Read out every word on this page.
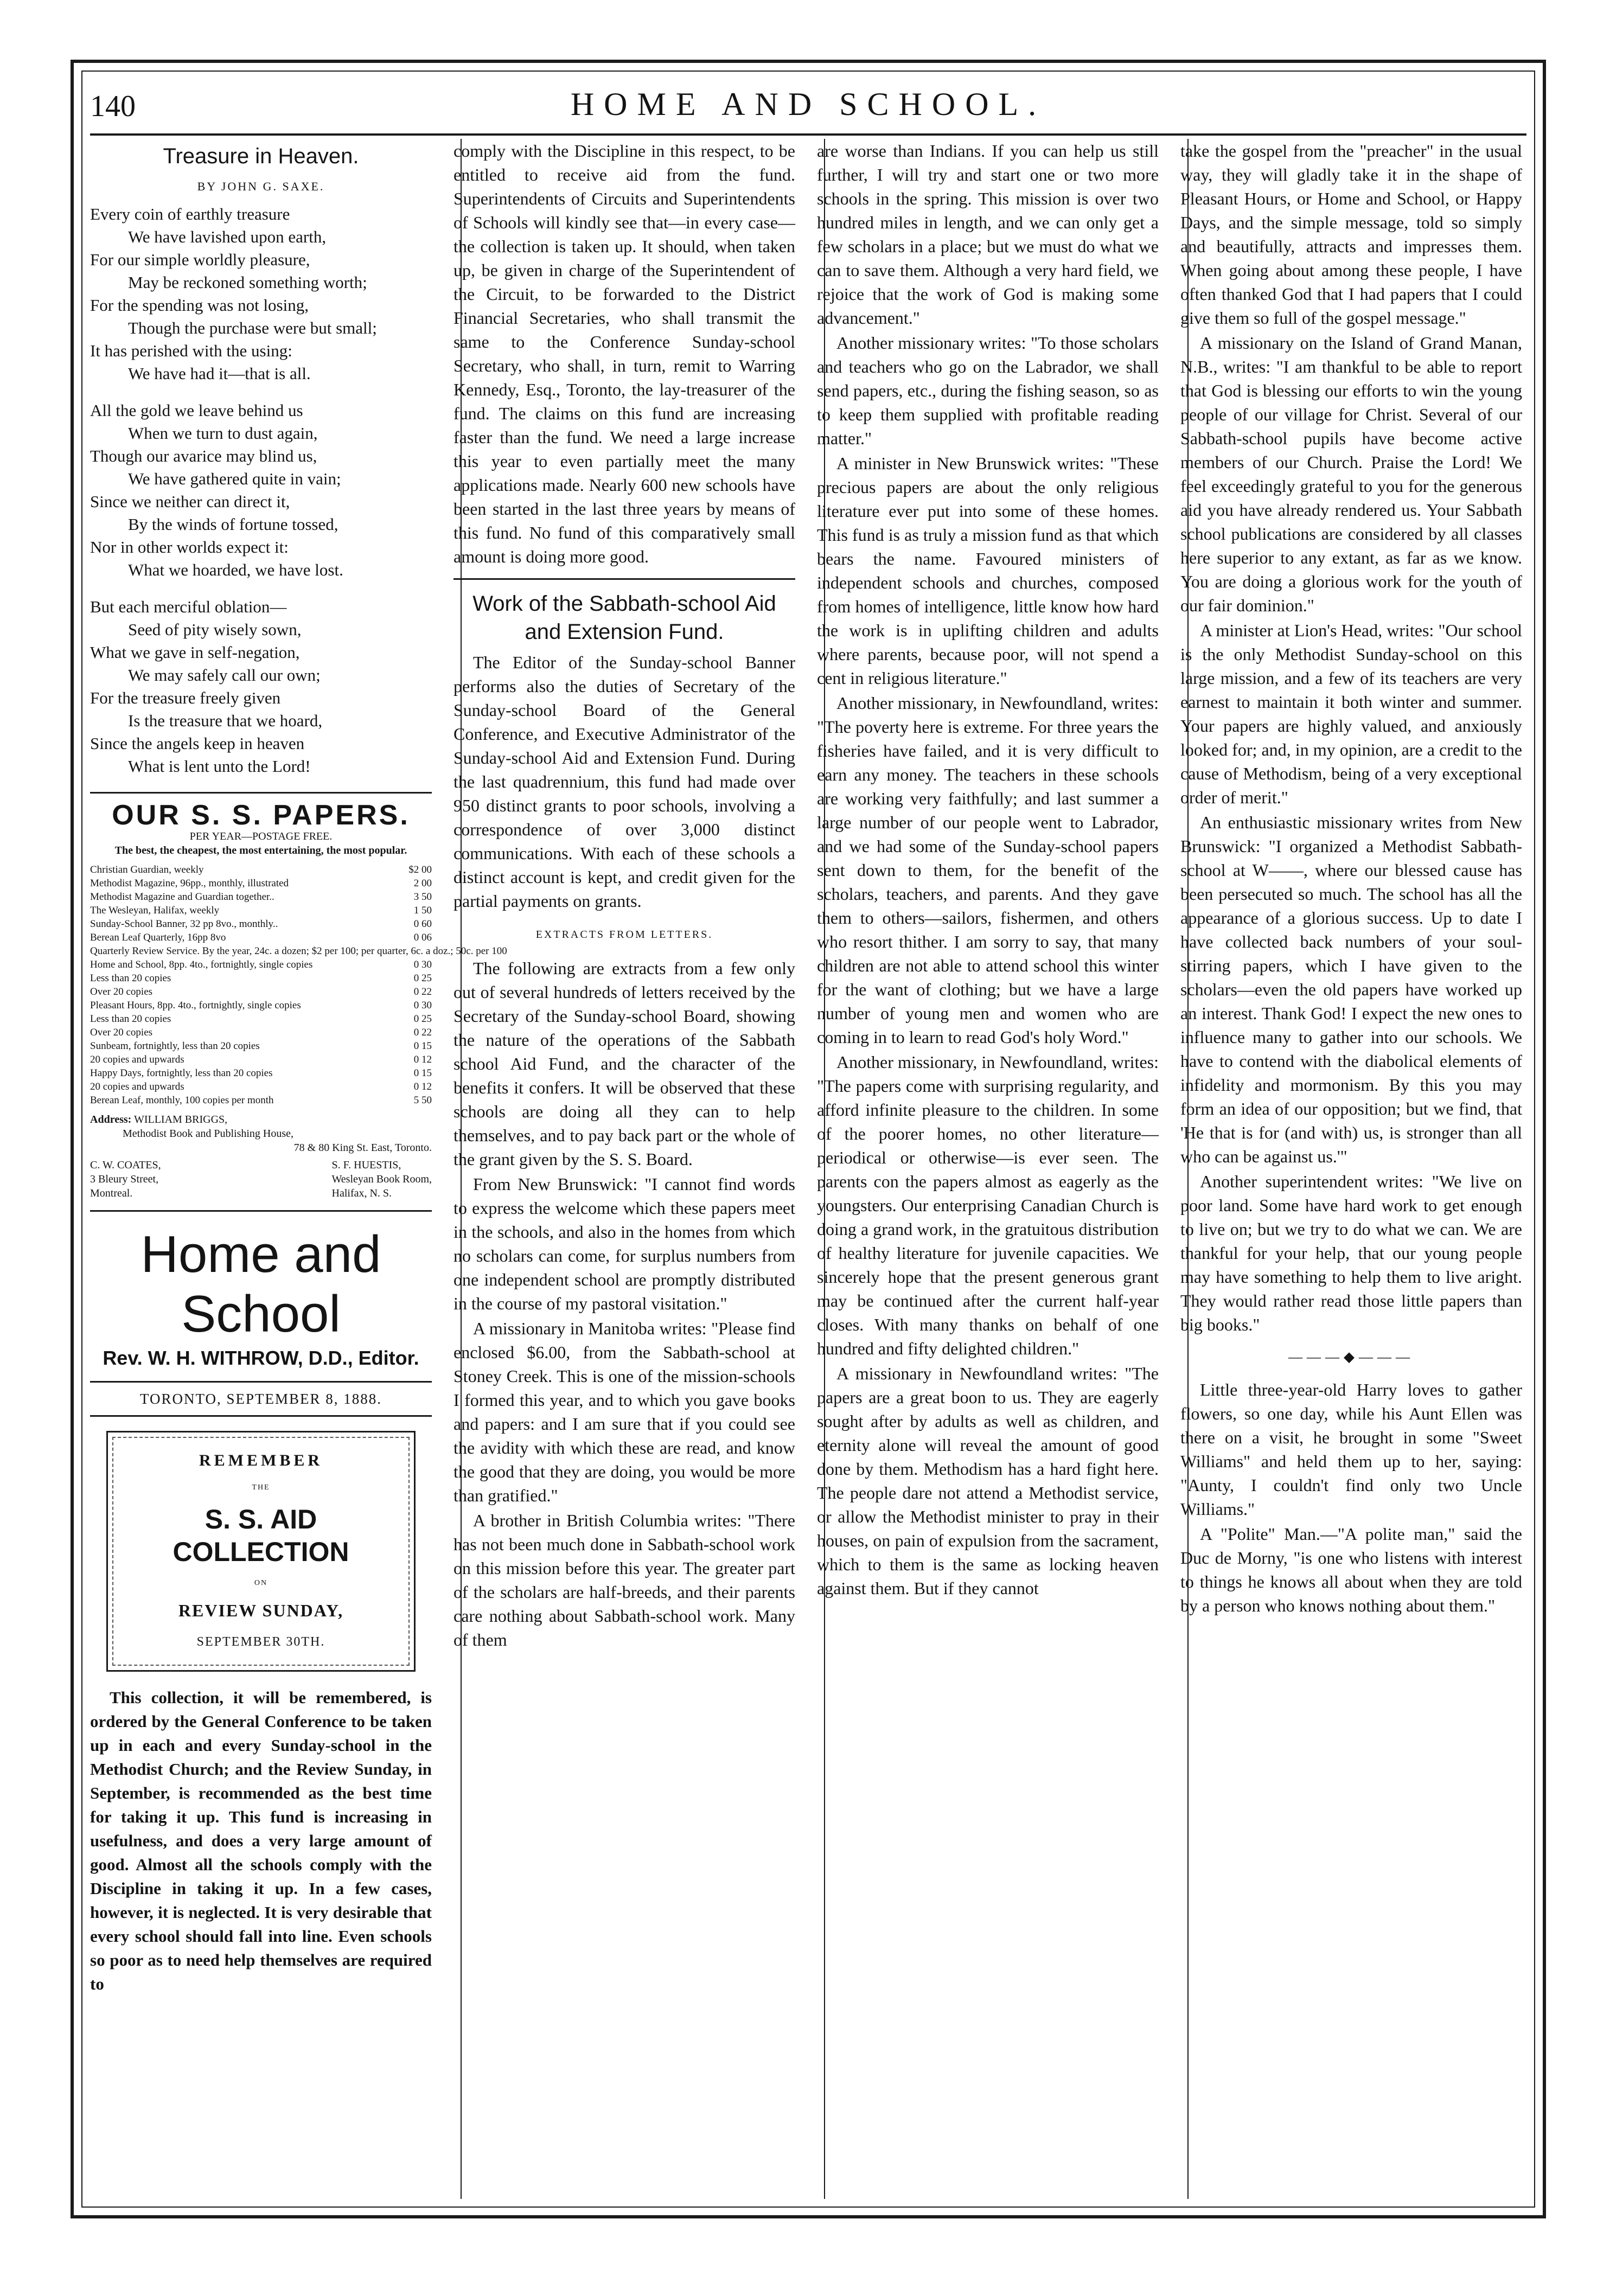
140	HOME AND SCHOOL.
Treasure in Heaven.
BY JOHN G. SAXE.
Every coin of earthly treasure
We have lavished upon earth,
For our simple worldly pleasure,
May be reckoned something worth;
For the spending was not losing,
Though the purchase were but small;
It has perished with the using:
We have had it—that is all.
All the gold we leave behind us
When we turn to dust again,
Though our avarice may blind us,
We have gathered quite in vain;
Since we neither can direct it,
By the winds of fortune tossed,
Nor in other worlds expect it:
What we hoarded, we have lost.
But each merciful oblation—
Seed of pity wisely sown,
What we gave in self-negation,
We may safely call our own;
For the treasure freely given
Is the treasure that we hoard,
Since the angels keep in heaven
What is lent unto the Lord!
OUR S. S. PAPERS.
PER YEAR—POSTAGE FREE.
The best, the cheapest, the most entertaining, the most popular.
Christian Guardian, weekly	$2 00
Methodist Magazine, 96pp., monthly, illustrated	2 00
Methodist Magazine and Guardian together..	3 50
The Wesleyan, Halifax, weekly	1 50
Sunday-School Banner, 32 pp 8vo., monthly..	0 60
Berean Leaf Quarterly, 16pp 8vo	0 06
Quarterly Review Service. By the year, 24c. a dozen; $2 per 100; per quarter, 6c. a doz.; 50c. per 100
Home and School, 8pp. 4to., fortnightly, single copies	0 30
Less than 20 copies	0 25
Over 20 copies	0 22
Pleasant Hours, 8pp. 4to., fortnightly, single copies	0 30
Less than 20 copies	0 25
Over 20 copies	0 22
Sunbeam, fortnightly, less than 20 copies	0 15
20 copies and upwards	0 12
Happy Days, fortnightly, less than 20 copies	0 15
20 copies and upwards	0 12
Berean Leaf, monthly, 100 copies per month	5 50
Address: WILLIAM BRIGGS,
Methodist Book and Publishing House,
78 & 80 King St. East, Toronto.
C. W. COATES,
3 Bleury Street,
Montreal.
S. F. HUESTIS,
Wesleyan Book Room,
Halifax, N. S.
Home and School
Rev. W. H. WITHROW, D.D., Editor.
TORONTO, SEPTEMBER 8, 1888.
REMEMBER
THE
S. S. AID COLLECTION
ON
REVIEW SUNDAY,
SEPTEMBER 30TH.

This collection, it will be remembered, is ordered by the General Conference to be taken up in each and every Sunday-school in the Methodist Church; and the Review Sunday, in September, is recommended as the best time for taking it up. This fund is increasing in usefulness, and does a very large amount of good. Almost all the schools comply with the Discipline in taking it up. In a few cases, however, it is neglected. It is very desirable that every school should fall into line. Even schools so poor as to need help themselves are required to

comply with the Discipline in this respect, to be entitled to receive aid from the fund. Superintendents of Circuits and Superintendents of Schools will kindly see that—in every case—the collection is taken up. It should, when taken up, be given in charge of the Superintendent of the Circuit, to be forwarded to the District Financial Secretaries, who shall transmit the same to the Conference Sunday-school Secretary, who shall, in turn, remit to Warring Kennedy, Esq., Toronto, the lay-treasurer of the fund. The claims on this fund are increasing faster than the fund. We need a large increase this year to even partially meet the many applications made. Nearly 600 new schools have been started in the last three years by means of this fund. No fund of this comparatively small amount is doing more good.

Work of the Sabbath-school Aid and Extension Fund.

The Editor of the Sunday-school Banner performs also the duties of Secretary of the Sunday-school Board of the General Conference, and Executive Administrator of the Sunday-school Aid and Extension Fund. During the last quadrennium, this fund had made over 950 distinct grants to poor schools, involving a correspondence of over 3,000 distinct communications. With each of these schools a distinct account is kept, and credit given for the partial payments on grants.

EXTRACTS FROM LETTERS.

The following are extracts from a few only out of several hundreds of letters received by the Secretary of the Sunday-school Board, showing the nature of the operations of the Sabbath school Aid Fund, and the character of the benefits it confers. It will be observed that these schools are doing all they can to help themselves, and to pay back part or the whole of the grant given by the S. S. Board.

From New Brunswick: "I cannot find words to express the welcome which these papers meet in the schools, and also in the homes from which no scholars can come, for surplus numbers from one independent school are promptly distributed in the course of my pastoral visitation."

A missionary in Manitoba writes: "Please find enclosed $6.00, from the Sabbath-school at Stoney Creek. This is one of the mission-schools I formed this year, and to which you gave books and papers: and I am sure that if you could see the avidity with which these are read, and know the good that they are doing, you would be more than gratified."

A brother in British Columbia writes: "There has not been much done in Sabbath-school work on this mission before this year. The greater part of the scholars are half-breeds, and their parents care nothing about Sabbath-school work. Many of them

are worse than Indians. If you can help us still further, I will try and start one or two more schools in the spring. This mission is over two hundred miles in length, and we can only get a few scholars in a place; but we must do what we can to save them. Although a very hard field, we rejoice that the work of God is making some advancement."

Another missionary writes: "To those scholars and teachers who go on the Labrador, we shall send papers, etc., during the fishing season, so as to keep them supplied with profitable reading matter."

A minister in New Brunswick writes: "These precious papers are about the only religious literature ever put into some of these homes. This fund is as truly a mission fund as that which bears the name. Favoured ministers of independent schools and churches, composed from homes of intelligence, little know how hard the work is in uplifting children and adults where parents, because poor, will not spend a cent in religious literature."

Another missionary, in Newfoundland, writes: "The poverty here is extreme. For three years the fisheries have failed, and it is very difficult to earn any money. The teachers in these schools are working very faithfully; and last summer a large number of our people went to Labrador, and we had some of the Sunday-school papers sent down to them, for the benefit of the scholars, teachers, and parents. And they gave them to others—sailors, fishermen, and others who resort thither. I am sorry to say, that many children are not able to attend school this winter for the want of clothing; but we have a large number of young men and women who are coming in to learn to read God's holy Word."

Another missionary, in Newfoundland, writes: "The papers come with surprising regularity, and afford infinite pleasure to the children. In some of the poorer homes, no other literature—periodical or otherwise—is ever seen. The parents con the papers almost as eagerly as the youngsters. Our enterprising Canadian Church is doing a grand work, in the gratuitous distribution of healthy literature for juvenile capacities. We sincerely hope that the present generous grant may be continued after the current half-year closes. With many thanks on behalf of one hundred and fifty delighted children."

A missionary in Newfoundland writes: "The papers are a great boon to us. They are eagerly sought after by adults as well as children, and eternity alone will reveal the amount of good done by them. Methodism has a hard fight here. The people dare not attend a Methodist service, or allow the Methodist minister to pray in their houses, on pain of expulsion from the sacrament, which to them is the same as locking heaven against them. But if they cannot

take the gospel from the "preacher" in the usual way, they will gladly take it in the shape of Pleasant Hours, or Home and School, or Happy Days, and the simple message, told so simply and beautifully, attracts and impresses them. When going about among these people, I have often thanked God that I had papers that I could give them so full of the gospel message."

A missionary on the Island of Grand Manan, N.B., writes: "I am thankful to be able to report that God is blessing our efforts to win the young people of our village for Christ. Several of our Sabbath-school pupils have become active members of our Church. Praise the Lord! We feel exceedingly grateful to you for the generous aid you have already rendered us. Your Sabbath school publications are considered by all classes here superior to any extant, as far as we know. You are doing a glorious work for the youth of our fair dominion."

A minister at Lion's Head, writes: "Our school is the only Methodist Sunday-school on this large mission, and a few of its teachers are very earnest to maintain it both winter and summer. Your papers are highly valued, and anxiously looked for; and, in my opinion, are a credit to the cause of Methodism, being of a very exceptional order of merit."

An enthusiastic missionary writes from New Brunswick: "I organized a Methodist Sabbath-school at W——, where our blessed cause has been persecuted so much. The school has all the appearance of a glorious success. Up to date I have collected back numbers of your soul-stirring papers, which I have given to the scholars—even the old papers have worked up an interest. Thank God! I expect the new ones to influence many to gather into our schools. We have to contend with the diabolical elements of infidelity and mormonism. By this you may form an idea of our opposition; but we find, that 'He that is for (and with) us, is stronger than all who can be against us.'"

Another superintendent writes: "We live on poor land. Some have hard work to get enough to live on; but we try to do what we can. We are thankful for your help, that our young people may have something to help them to live aright. They would rather read those little papers than big books."

———◆———

Little three-year-old Harry loves to gather flowers, so one day, while his Aunt Ellen was there on a visit, he brought in some "Sweet Williams" and held them up to her, saying: "Aunty, I couldn't find only two Uncle Williams."

A "Polite" Man.—"A polite man," said the Duc de Morny, "is one who listens with interest to things he knows all about when they are told by a person who knows nothing about them."
